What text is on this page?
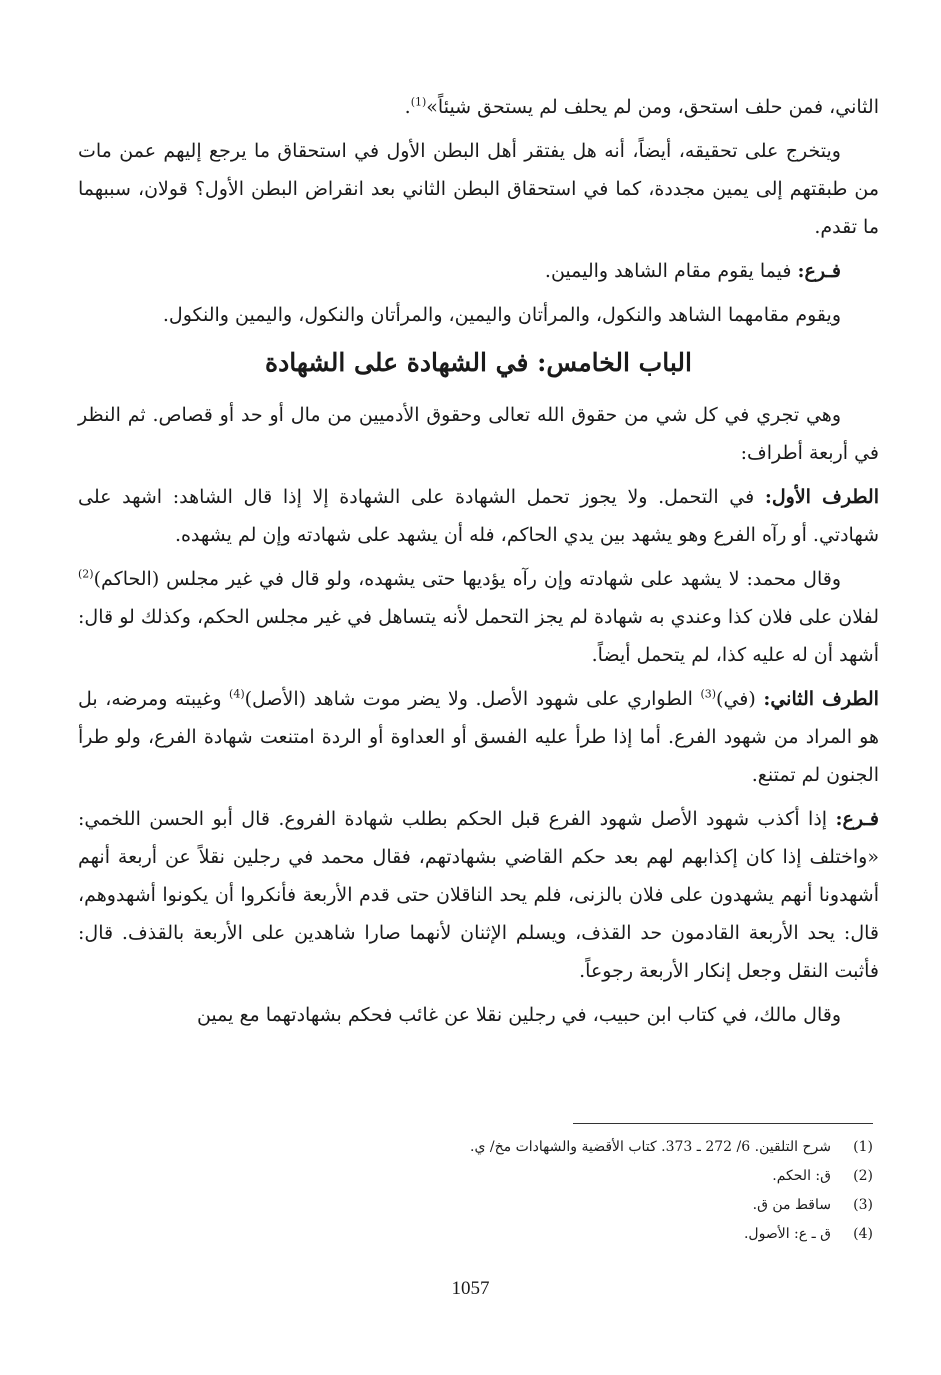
الثاني، فمن حلف استحق، ومن لم يحلف لم يستحق شيئاً»$^{(1)}$.

ويتخرج على تحقيقه، أيضاً، أنه هل يفتقر أهل البطن الأول في استحقاق ما يرجع إليهم عمن مات من طبقتهم إلى يمين مجددة، كما في استحقاق البطن الثاني بعد انقراض البطن الأول؟ قولان، سببهما ما تقدم.

فـرع: فيما يقوم مقام الشاهد واليمين.

ويقوم مقامهما الشاهد والنكول، والمرأتان واليمين، والمرأتان والنكول، واليمين والنكول.

الباب الخامس: في الشهادة على الشهادة

وهي تجري في كل شي من حقوق الله تعالى وحقوق الأدميين من مال أو حد أو قصاص. ثم النظر في أربعة أطراف:

الطرف الأول: في التحمل. ولا يجوز تحمل الشهادة على الشهادة إلا إذا قال الشاهد: اشهد على شهادتي. أو رآه الفرع وهو يشهد بين يدي الحاكم، فله أن يشهد على شهادته وإن لم يشهده.

وقال محمد: لا يشهد على شهادته وإن رآه يؤديها حتى يشهده، ولو قال في غير مجلس (الحاكم)$^{(2)}$ لفلان على فلان كذا وعندي به شهادة لم يجز التحمل لأنه يتساهل في غير مجلس الحكم، وكذلك لو قال: أشهد أن له عليه كذا، لم يتحمل أيضاً.

الطرف الثاني: (في)$^{(3)}$ الطواري على شهود الأصل. ولا يضر موت شاهد (الأصل)$^{(4)}$ وغيبته ومرضه، بل هو المراد من شهود الفرع. أما إذا طرأ عليه الفسق أو العداوة أو الردة امتنعت شهادة الفرع، ولو طرأ الجنون لم تمتنع.

فـرع: إذا أكذب شهود الأصل شهود الفرع قبل الحكم بطلب شهادة الفروع. قال أبو الحسن اللخمي: «واختلف إذا كان إكذابهم لهم بعد حكم القاضي بشهادتهم، فقال محمد في رجلين نقلاً عن أربعة أنهم أشهدونا أنهم يشهدون على فلان بالزنى، فلم يحد الناقلان حتى قدم الأربعة فأنكروا أن يكونوا أشهدوهم، قال: يحد الأربعة القادمون حد القذف، ويسلم الإثنان لأنهما صارا شاهدين على الأربعة بالقذف. قال: فأثبت النقل وجعل إنكار الأربعة رجوعاً.

وقال مالك، في كتاب ابن حبيب، في رجلين نقلا عن غائب فحكم بشهادتهما مع يمين

(1)
شرح التلقين. 6/ 272 ـ 373. كتاب الأقضية والشهادات مخ/ ي.
(2)
ق: الحكم.
(3)
ساقط من ق.
(4)
ق ـ ع: الأصول.
1057
